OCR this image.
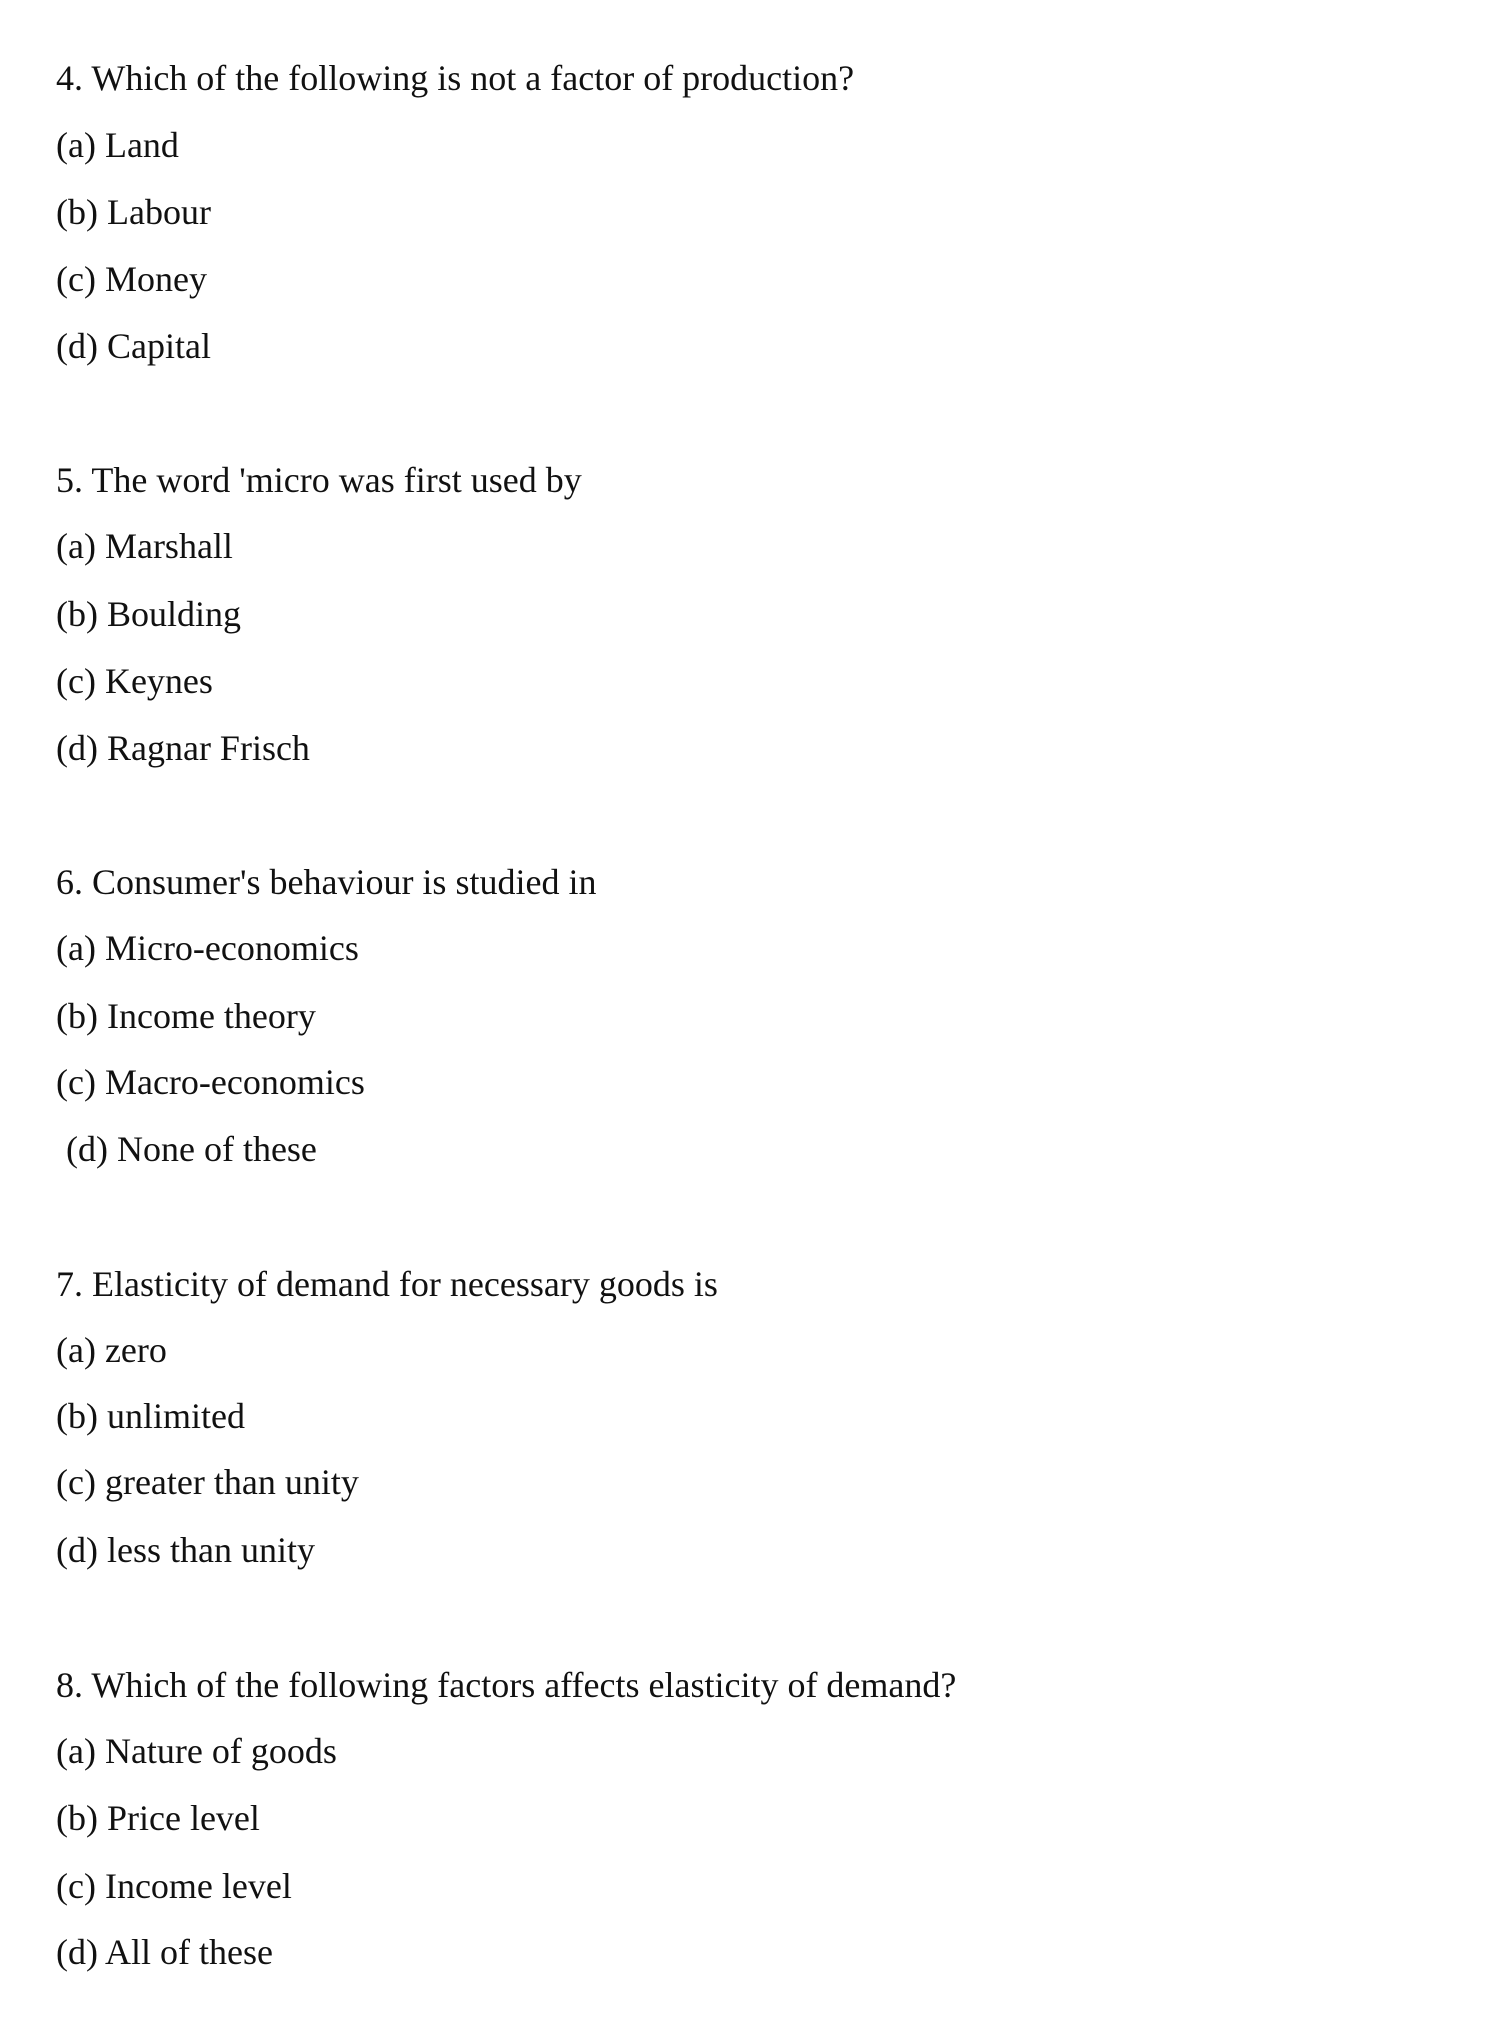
4. Which of the following is not a factor of production?
(a) Land
(b) Labour
(c) Money
(d) Capital
5. The word 'micro was first used by
(a) Marshall
(b) Boulding
(c) Keynes
(d) Ragnar Frisch
6. Consumer's behaviour is studied in
(a) Micro-economics
(b) Income theory
(c) Macro-economics
(d) None of these
7. Elasticity of demand for necessary goods is
(a) zero
(b) unlimited
(c) greater than unity
(d) less than unity
8. Which of the following factors affects elasticity of demand?
(a) Nature of goods
(b) Price level
(c) Income level
(d) All of these
